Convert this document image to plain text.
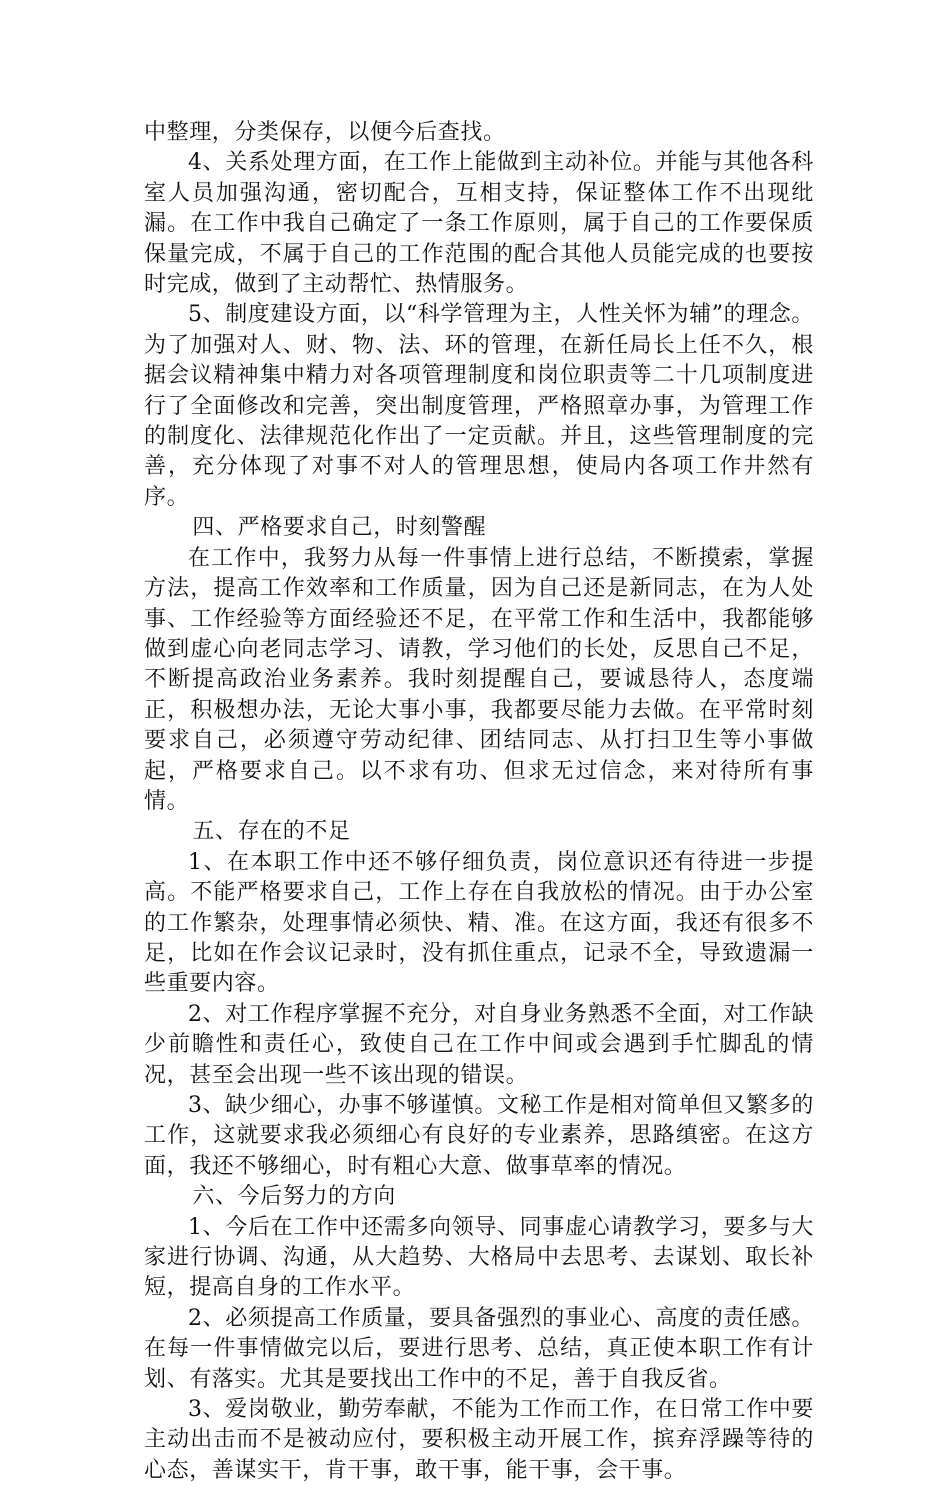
中整理，分类保存，以便今后查找。

4、关系处理方面，在工作上能做到主动补位。并能与其他各科室人员加强沟通，密切配合，互相支持，保证整体工作不出现纰漏。在工作中我自己确定了一条工作原则，属于自己的工作要保质保量完成，不属于自己的工作范围的配合其他人员能完成的也要按时完成，做到了主动帮忙、热情服务。

5、制度建设方面，以“科学管理为主，人性关怀为辅”的理念。为了加强对人、财、物、法、环的管理，在新任局长上任不久，根据会议精神集中精力对各项管理制度和岗位职责等二十几项制度进行了全面修改和完善，突出制度管理，严格照章办事，为管理工作的制度化、法律规范化作出了一定贡献。并且，这些管理制度的完善，充分体现了对事不对人的管理思想，使局内各项工作井然有序。

四、严格要求自己，时刻警醒

在工作中，我努力从每一件事情上进行总结，不断摸索，掌握方法，提高工作效率和工作质量，因为自己还是新同志，在为人处事、工作经验等方面经验还不足，在平常工作和生活中，我都能够做到虚心向老同志学习、请教，学习他们的长处，反思自己不足，不断提高政治业务素养。我时刻提醒自己，要诚恳待人，态度端正，积极想办法，无论大事小事，我都要尽能力去做。在平常时刻要求自己，必须遵守劳动纪律、团结同志、从打扫卫生等小事做起，严格要求自己。以不求有功、但求无过信念，来对待所有事情。

五、存在的不足

1、在本职工作中还不够仔细负责，岗位意识还有待进一步提高。不能严格要求自己，工作上存在自我放松的情况。由于办公室的工作繁杂，处理事情必须快、精、准。在这方面，我还有很多不足，比如在作会议记录时，没有抓住重点，记录不全，导致遗漏一些重要内容。

2、对工作程序掌握不充分，对自身业务熟悉不全面，对工作缺少前瞻性和责任心，致使自己在工作中间或会遇到手忙脚乱的情况，甚至会出现一些不该出现的错误。

3、缺少细心，办事不够谨慎。文秘工作是相对简单但又繁多的工作，这就要求我必须细心有良好的专业素养，思路缜密。在这方面，我还不够细心，时有粗心大意、做事草率的情况。

六、今后努力的方向

1、今后在工作中还需多向领导、同事虚心请教学习，要多与大家进行协调、沟通，从大趋势、大格局中去思考、去谋划、取长补短，提高自身的工作水平。

2、必须提高工作质量，要具备强烈的事业心、高度的责任感。在每一件事情做完以后，要进行思考、总结，真正使本职工作有计划、有落实。尤其是要找出工作中的不足，善于自我反省。

3、爱岗敬业，勤劳奉献，不能为工作而工作，在日常工作中要主动出击而不是被动应付，要积极主动开展工作，摈弃浮躁等待的心态，善谋实干，肯干事，敢干事，能干事，会干事。
